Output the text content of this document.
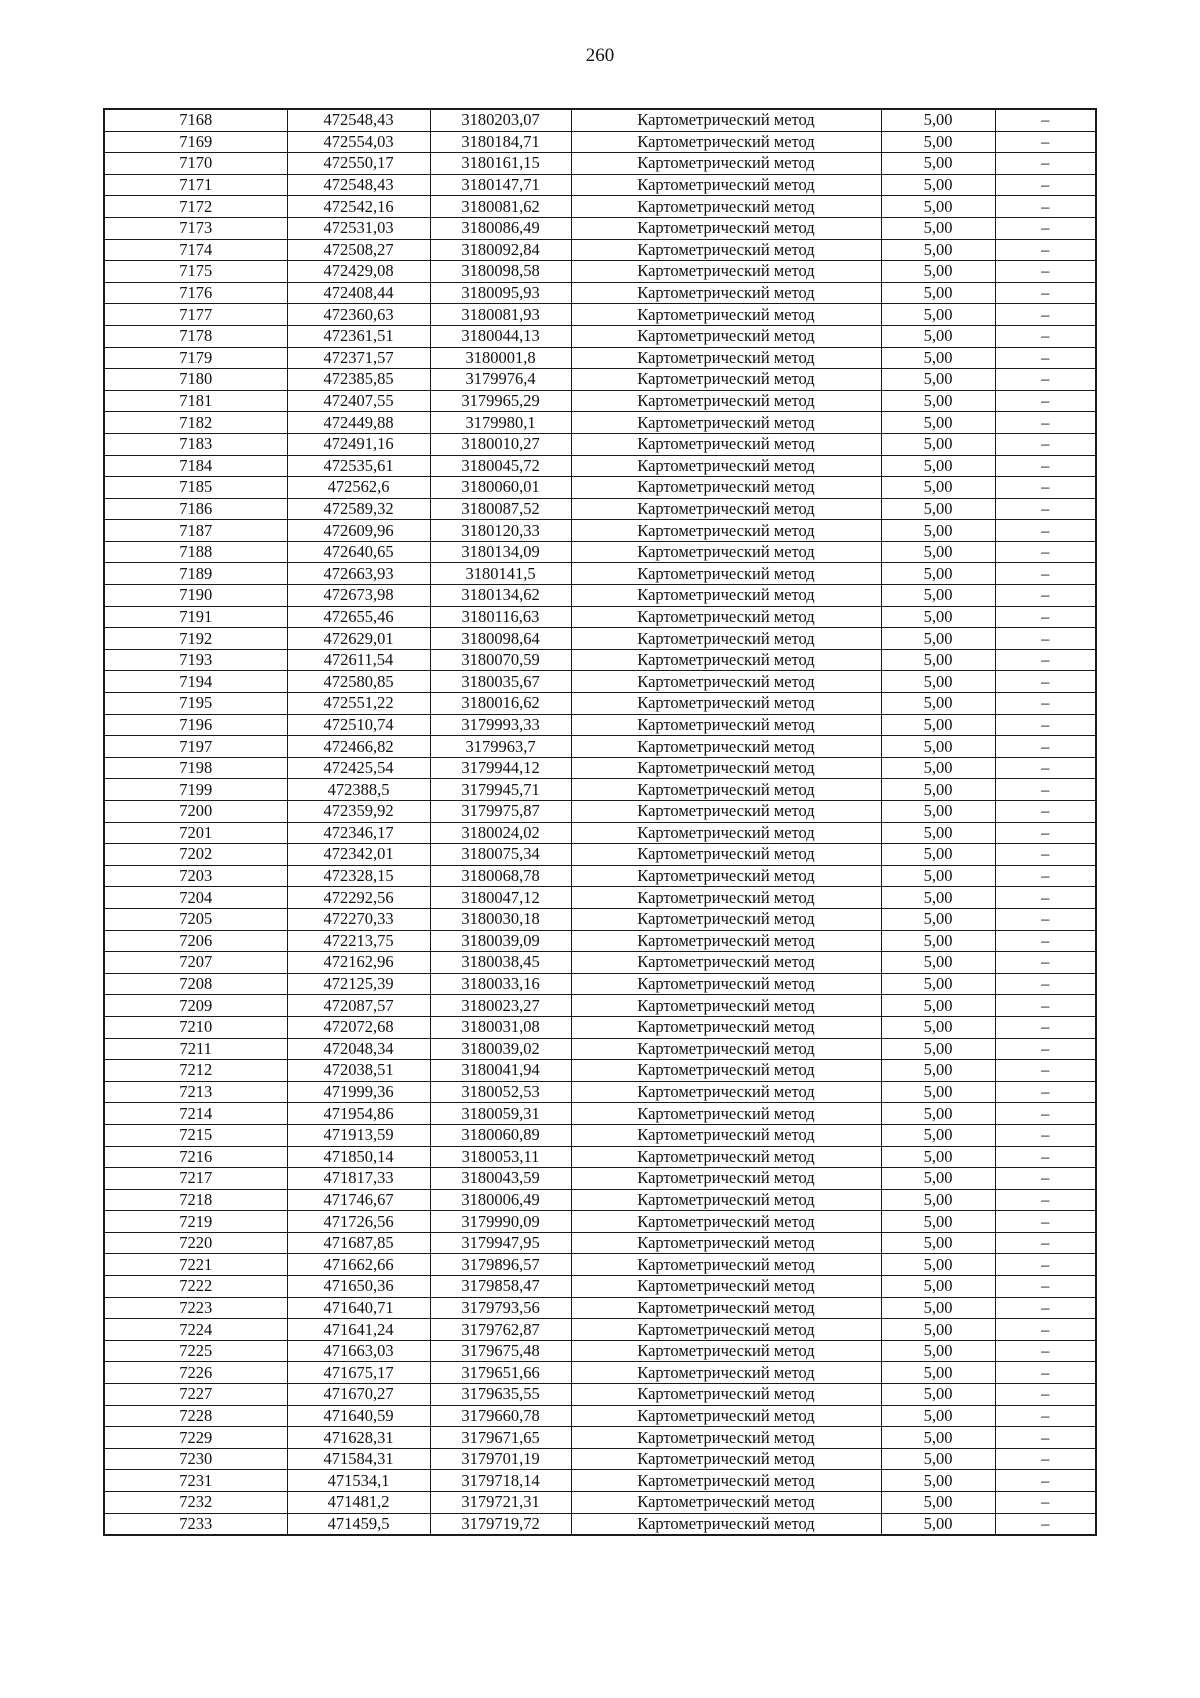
260
7168	472548,43	3180203,07	Картометрический метод	5,00	–
7169	472554,03	3180184,71	Картометрический метод	5,00	–
7170	472550,17	3180161,15	Картометрический метод	5,00	–
7171	472548,43	3180147,71	Картометрический метод	5,00	–
7172	472542,16	3180081,62	Картометрический метод	5,00	–
7173	472531,03	3180086,49	Картометрический метод	5,00	–
7174	472508,27	3180092,84	Картометрический метод	5,00	–
7175	472429,08	3180098,58	Картометрический метод	5,00	–
7176	472408,44	3180095,93	Картометрический метод	5,00	–
7177	472360,63	3180081,93	Картометрический метод	5,00	–
7178	472361,51	3180044,13	Картометрический метод	5,00	–
7179	472371,57	3180001,8	Картометрический метод	5,00	–
7180	472385,85	3179976,4	Картометрический метод	5,00	–
7181	472407,55	3179965,29	Картометрический метод	5,00	–
7182	472449,88	3179980,1	Картометрический метод	5,00	–
7183	472491,16	3180010,27	Картометрический метод	5,00	–
7184	472535,61	3180045,72	Картометрический метод	5,00	–
7185	472562,6	3180060,01	Картометрический метод	5,00	–
7186	472589,32	3180087,52	Картометрический метод	5,00	–
7187	472609,96	3180120,33	Картометрический метод	5,00	–
7188	472640,65	3180134,09	Картометрический метод	5,00	–
7189	472663,93	3180141,5	Картометрический метод	5,00	–
7190	472673,98	3180134,62	Картометрический метод	5,00	–
7191	472655,46	3180116,63	Картометрический метод	5,00	–
7192	472629,01	3180098,64	Картометрический метод	5,00	–
7193	472611,54	3180070,59	Картометрический метод	5,00	–
7194	472580,85	3180035,67	Картометрический метод	5,00	–
7195	472551,22	3180016,62	Картометрический метод	5,00	–
7196	472510,74	3179993,33	Картометрический метод	5,00	–
7197	472466,82	3179963,7	Картометрический метод	5,00	–
7198	472425,54	3179944,12	Картометрический метод	5,00	–
7199	472388,5	3179945,71	Картометрический метод	5,00	–
7200	472359,92	3179975,87	Картометрический метод	5,00	–
7201	472346,17	3180024,02	Картометрический метод	5,00	–
7202	472342,01	3180075,34	Картометрический метод	5,00	–
7203	472328,15	3180068,78	Картометрический метод	5,00	–
7204	472292,56	3180047,12	Картометрический метод	5,00	–
7205	472270,33	3180030,18	Картометрический метод	5,00	–
7206	472213,75	3180039,09	Картометрический метод	5,00	–
7207	472162,96	3180038,45	Картометрический метод	5,00	–
7208	472125,39	3180033,16	Картометрический метод	5,00	–
7209	472087,57	3180023,27	Картометрический метод	5,00	–
7210	472072,68	3180031,08	Картометрический метод	5,00	–
7211	472048,34	3180039,02	Картометрический метод	5,00	–
7212	472038,51	3180041,94	Картометрический метод	5,00	–
7213	471999,36	3180052,53	Картометрический метод	5,00	–
7214	471954,86	3180059,31	Картометрический метод	5,00	–
7215	471913,59	3180060,89	Картометрический метод	5,00	–
7216	471850,14	3180053,11	Картометрический метод	5,00	–
7217	471817,33	3180043,59	Картометрический метод	5,00	–
7218	471746,67	3180006,49	Картометрический метод	5,00	–
7219	471726,56	3179990,09	Картометрический метод	5,00	–
7220	471687,85	3179947,95	Картометрический метод	5,00	–
7221	471662,66	3179896,57	Картометрический метод	5,00	–
7222	471650,36	3179858,47	Картометрический метод	5,00	–
7223	471640,71	3179793,56	Картометрический метод	5,00	–
7224	471641,24	3179762,87	Картометрический метод	5,00	–
7225	471663,03	3179675,48	Картометрический метод	5,00	–
7226	471675,17	3179651,66	Картометрический метод	5,00	–
7227	471670,27	3179635,55	Картометрический метод	5,00	–
7228	471640,59	3179660,78	Картометрический метод	5,00	–
7229	471628,31	3179671,65	Картометрический метод	5,00	–
7230	471584,31	3179701,19	Картометрический метод	5,00	–
7231	471534,1	3179718,14	Картометрический метод	5,00	–
7232	471481,2	3179721,31	Картометрический метод	5,00	–
7233	471459,5	3179719,72	Картометрический метод	5,00	–
